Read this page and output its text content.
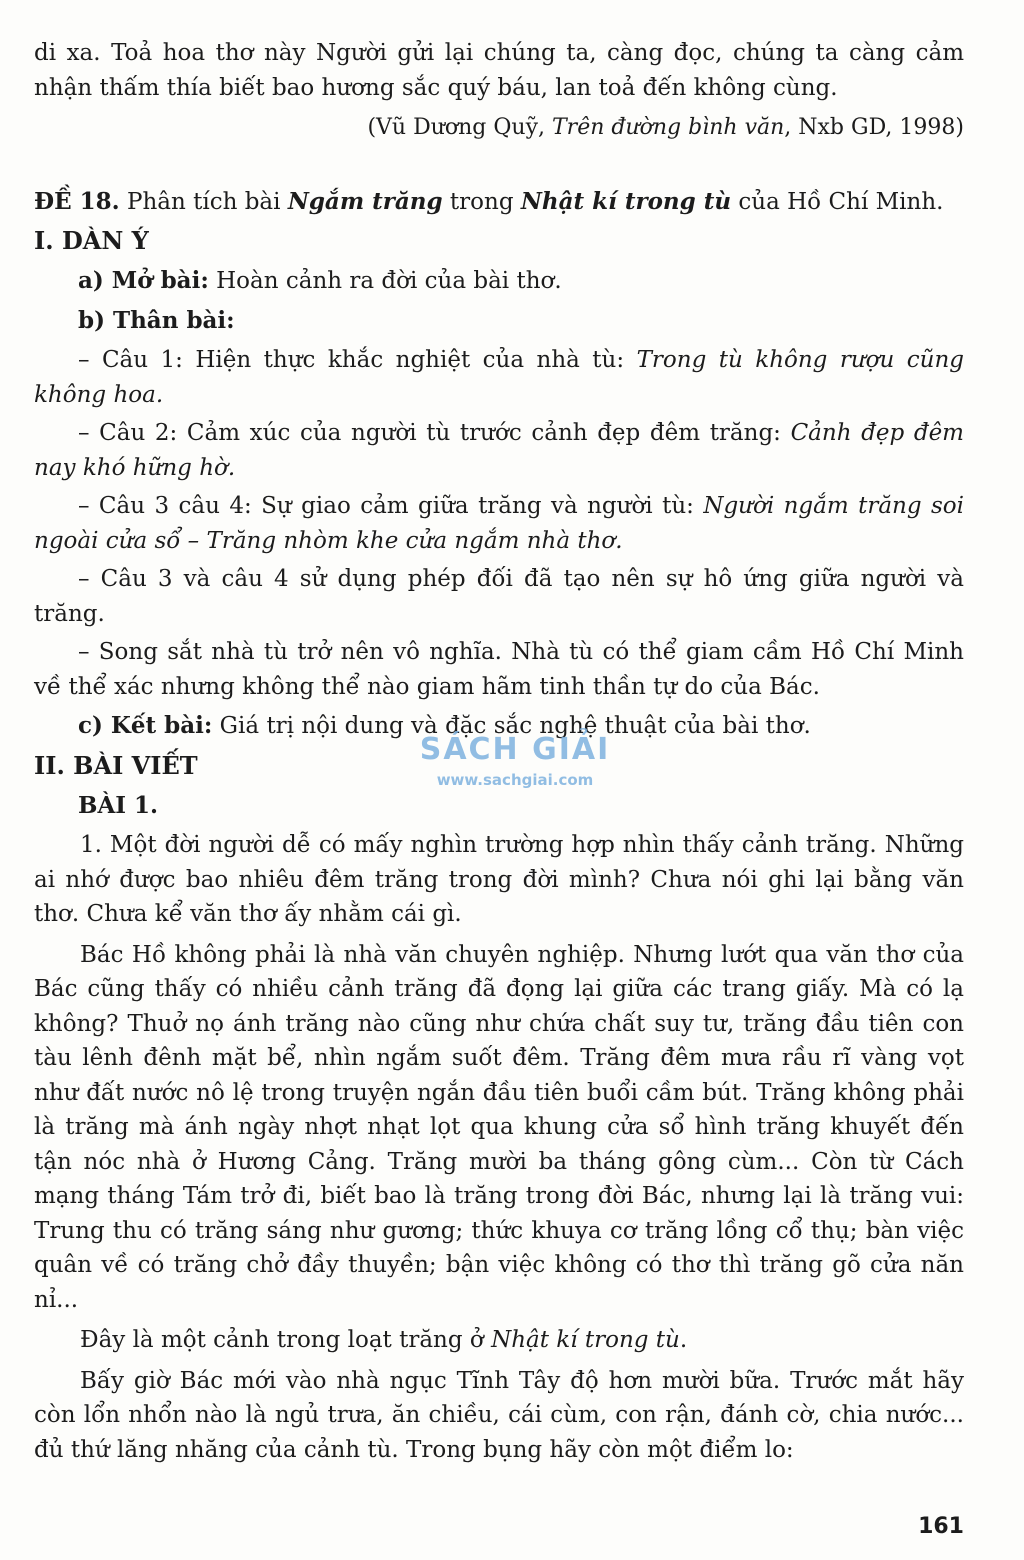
di xa. Toả hoa thơ này Người gửi lại chúng ta, càng đọc, chúng ta càng cảm nhận thấm thía biết bao hương sắc quý báu, lan toả đến không cùng.

(Vũ Dương Quỹ, Trên đường bình văn, Nxb GD, 1998)

ĐỀ 18. Phân tích bài Ngắm trăng trong Nhật kí trong tù của Hồ Chí Minh.

I. DÀN Ý

a) Mở bài: Hoàn cảnh ra đời của bài thơ.

b) Thân bài:

– Câu 1: Hiện thực khắc nghiệt của nhà tù: Trong tù không rượu cũng không hoa.

– Câu 2: Cảm xúc của người tù trước cảnh đẹp đêm trăng: Cảnh đẹp đêm nay khó hững hờ.

– Câu 3 câu 4: Sự giao cảm giữa trăng và người tù: Người ngắm trăng soi ngoài cửa sổ – Trăng nhòm khe cửa ngắm nhà thơ.

– Câu 3 và câu 4 sử dụng phép đối đã tạo nên sự hô ứng giữa người và trăng.

– Song sắt nhà tù trở nên vô nghĩa. Nhà tù có thể giam cầm Hồ Chí Minh về thể xác nhưng không thể nào giam hãm tinh thần tự do của Bác.

c) Kết bài: Giá trị nội dung và đặc sắc nghệ thuật của bài thơ.

II. BÀI VIẾT

BÀI 1.

1. Một đời người dễ có mấy nghìn trường hợp nhìn thấy cảnh trăng. Những ai nhớ được bao nhiêu đêm trăng trong đời mình? Chưa nói ghi lại bằng văn thơ. Chưa kể văn thơ ấy nhằm cái gì.

Bác Hồ không phải là nhà văn chuyên nghiệp. Nhưng lướt qua văn thơ của Bác cũng thấy có nhiều cảnh trăng đã đọng lại giữa các trang giấy. Mà có lạ không? Thuở nọ ánh trăng nào cũng như chứa chất suy tư, trăng đầu tiên con tàu lênh đênh mặt bể, nhìn ngắm suốt đêm. Trăng đêm mưa rầu rĩ vàng vọt như đất nước nô lệ trong truyện ngắn đầu tiên buổi cầm bút. Trăng không phải là trăng mà ánh ngày nhợt nhạt lọt qua khung cửa sổ hình trăng khuyết đến tận nóc nhà ở Hương Cảng. Trăng mười ba tháng gông cùm... Còn từ Cách mạng tháng Tám trở đi, biết bao là trăng trong đời Bác, nhưng lại là trăng vui: Trung thu có trăng sáng như gương; thức khuya cơ trăng lồng cổ thụ; bàn việc quân về có trăng chở đầy thuyền; bận việc không có thơ thì trăng gõ cửa năn nỉ...

Đây là một cảnh trong loạt trăng ở Nhật kí trong tù.

Bấy giờ Bác mới vào nhà ngục Tĩnh Tây độ hơn mười bữa. Trước mắt hãy còn lổn nhổn nào là ngủ trưa, ăn chiều, cái cùm, con rận, đánh cờ, chia nước... đủ thứ lăng nhăng của cảnh tù. Trong bụng hãy còn một điểm lo:

SÁCH GIẢI
www.sachgiai.com
161
